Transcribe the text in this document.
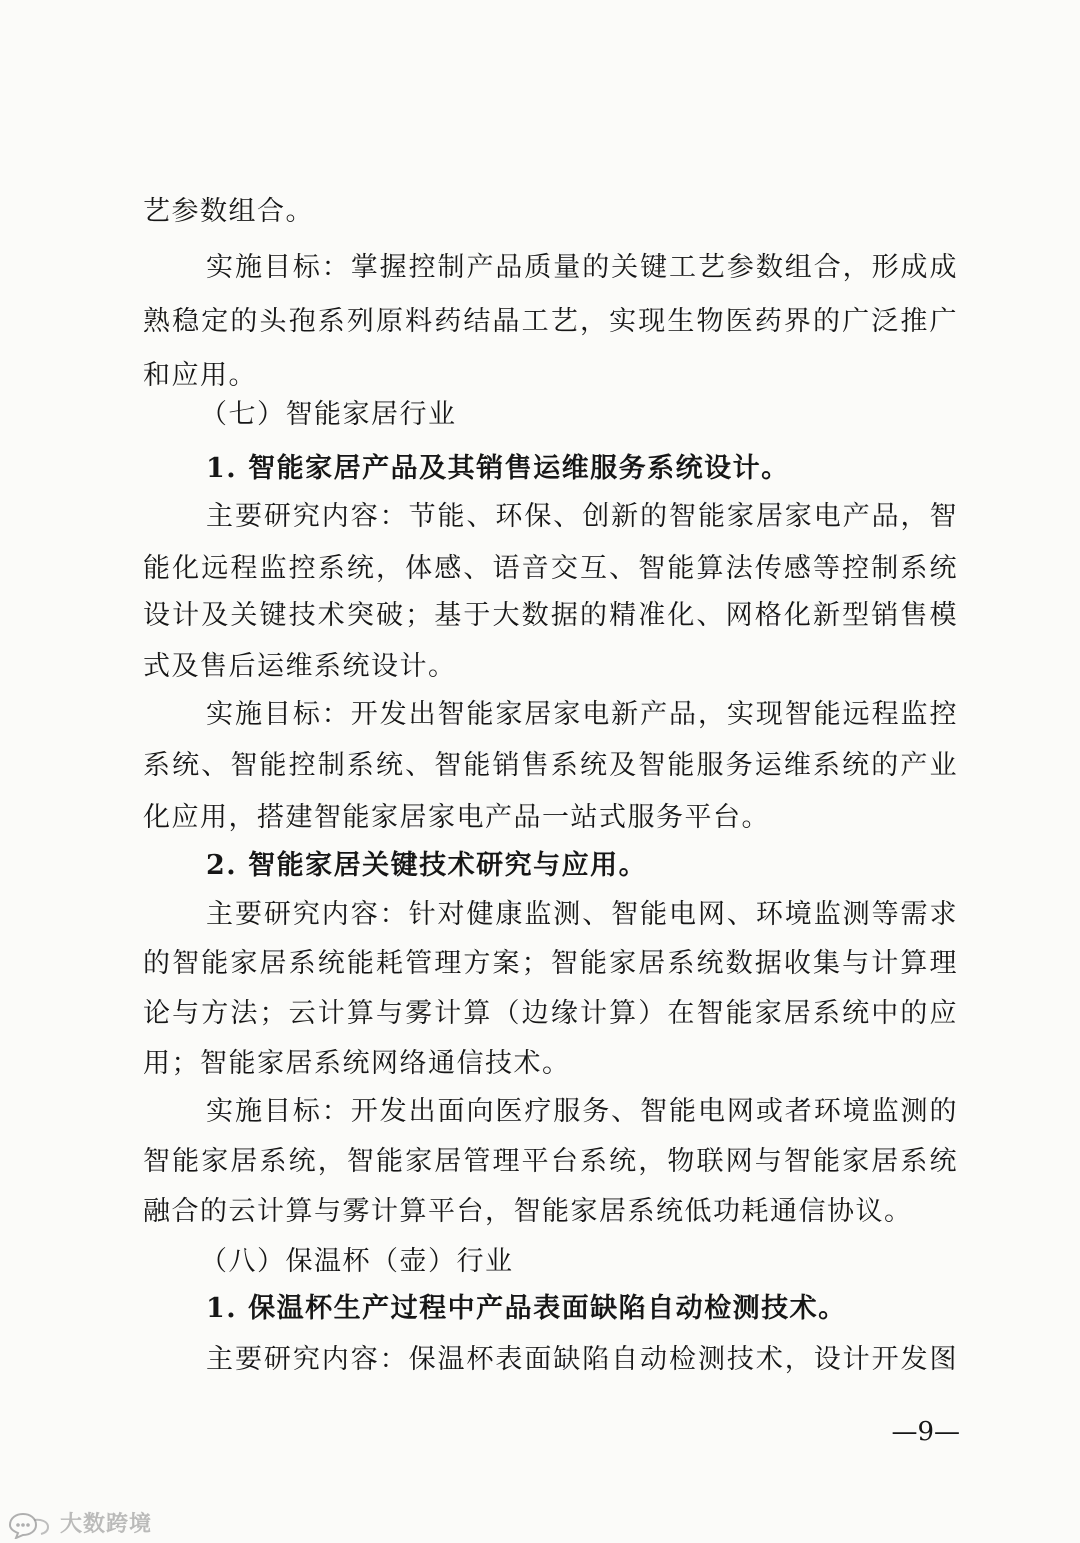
艺参数组合。
实施目标：掌握控制产品质量的关键工艺参数组合，形成成
熟稳定的头孢系列原料药结晶工艺，实现生物医药界的广泛推广
和应用。
（七）智能家居行业
1. 智能家居产品及其销售运维服务系统设计。
主要研究内容：节能、环保、创新的智能家居家电产品，智
能化远程监控系统，体感、语音交互、智能算法传感等控制系统
设计及关键技术突破；基于大数据的精准化、网格化新型销售模
式及售后运维系统设计。
实施目标：开发出智能家居家电新产品，实现智能远程监控
系统、智能控制系统、智能销售系统及智能服务运维系统的产业
化应用，搭建智能家居家电产品一站式服务平台。
2. 智能家居关键技术研究与应用。
主要研究内容：针对健康监测、智能电网、环境监测等需求
的智能家居系统能耗管理方案；智能家居系统数据收集与计算理
论与方法；云计算与雾计算（边缘计算）在智能家居系统中的应
用；智能家居系统网络通信技术。
实施目标：开发出面向医疗服务、智能电网或者环境监测的
智能家居系统，智能家居管理平台系统，物联网与智能家居系统
融合的云计算与雾计算平台，智能家居系统低功耗通信协议。
（八）保温杯（壶）行业
1. 保温杯生产过程中产品表面缺陷自动检测技术。
主要研究内容：保温杯表面缺陷自动检测技术，设计开发图
—9—
大数跨境
